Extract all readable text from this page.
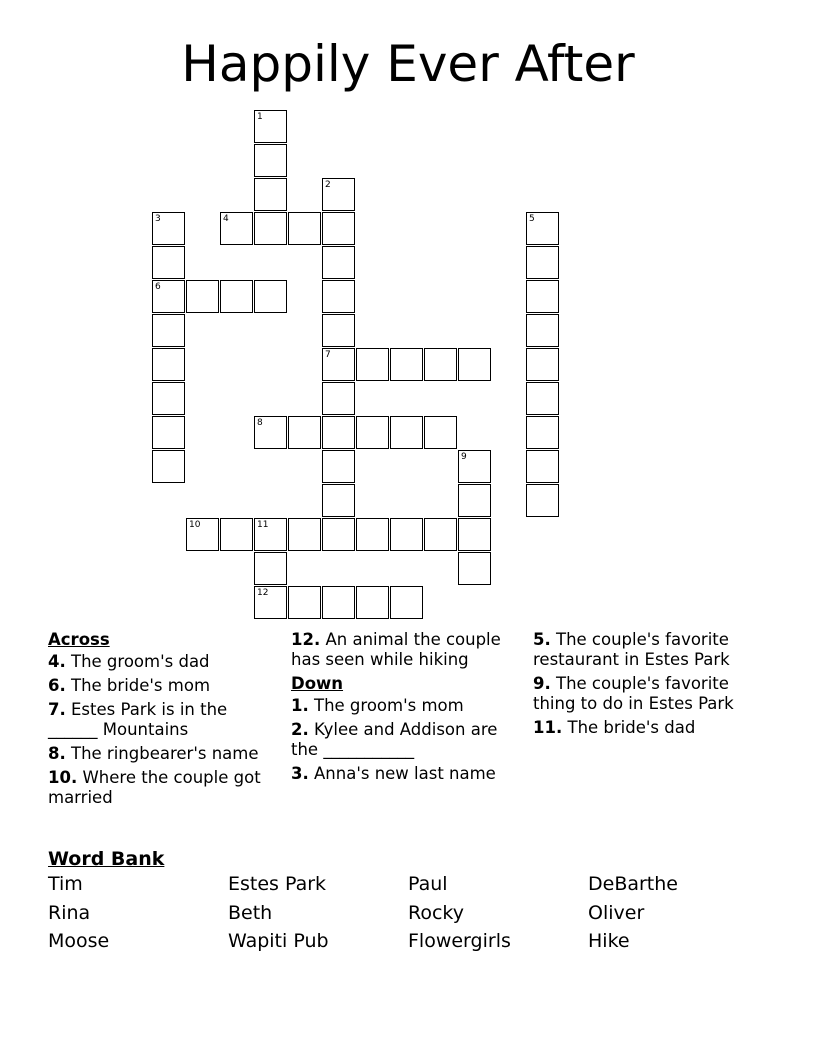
Happily Ever After
1
2
3	4	5
6
7
8
9
10	11
12
Across
4. The groom's dad
6. The bride's mom
7. Estes Park is in the ______ Mountains
8. The ringbearer's name
10. Where the couple got married
12. An animal the couple has seen while hiking
Down
1. The groom's mom
2. Kylee and Addison are the ___________
3. Anna's new last name
5. The couple's favorite restaurant in Estes Park
9. The couple's favorite thing to do in Estes Park
11. The bride's dad
Word Bank
Tim	Estes Park	Paul	DeBarthe
Rina	Beth	Rocky	Oliver
Moose	Wapiti Pub	Flowergirls	Hike
